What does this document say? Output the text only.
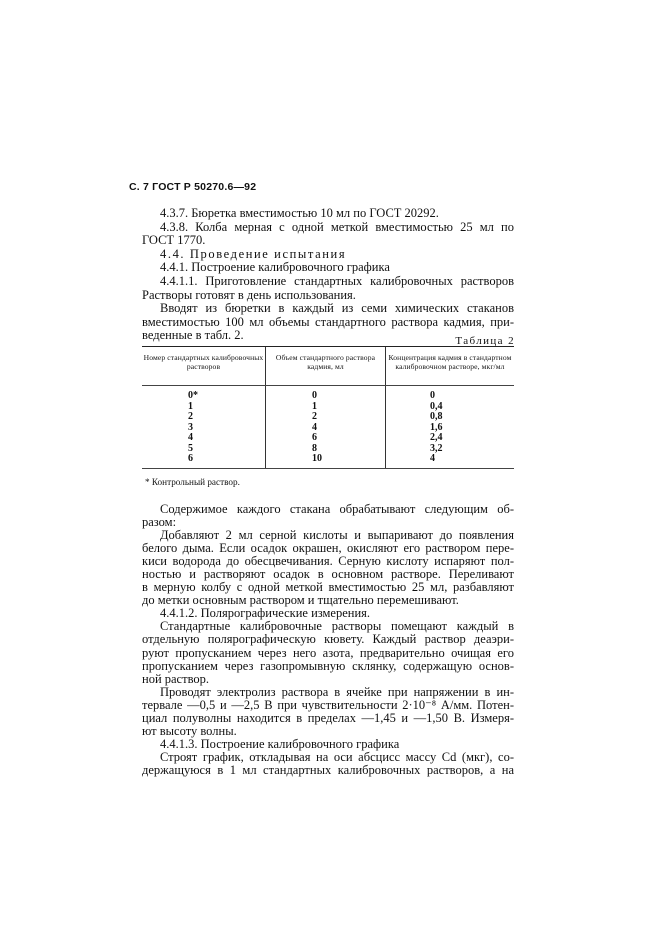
С. 7 ГОСТ Р 50270.6—92
4.3.7. Бюретка вместимостью 10 мл по ГОСТ 20292.
4.3.8. Колба мерная с одной меткой вместимостью 25 мл по
ГОСТ 1770.
4.4. Проведение испытания
4.4.1. Построение калибровочного графика
4.4.1.1. Приготовление стандартных калибровочных растворов
Растворы готовят в день использования.
Вводят из бюретки в каждый из семи химических стаканов
вместимостью 100 мл объемы стандартного раствора кадмия, при-
веденные в табл. 2.	Таблица 2
Номер стандартных калибровочных растворов
Объем стандартного раствора кадмия, мл
Концентрация кадмия в стандартном калибровочном растворе, мкг/мл
0*
1
2
3
4
5
6
0
1
2
4
6
8
10
0
0,4
0,8
1,6
2,4
3,2
4
* Контрольный раствор.
Содержимое каждого стакана обрабатывают следующим об-
разом:
Добавляют 2 мл серной кислоты и выпаривают до появления
белого дыма. Если осадок окрашен, окисляют его раствором пере-
киси водорода до обесцвечивания. Серную кислоту испаряют пол-
ностью и растворяют осадок в основном растворе. Переливают
в мерную колбу с одной меткой вместимостью 25 мл, разбавляют
до метки основным раствором и тщательно перемешивают.
4.4.1.2. Полярографические измерения.
Стандартные калибровочные растворы помещают каждый в
отдельную полярографическую кювету. Каждый раствор деаэри-
руют пропусканием через него азота, предварительно очищая его
пропусканием через газопромывную склянку, содержащую основ-
ной раствор.
Проводят электролиз раствора в ячейке при напряжении в ин-
тервале —0,5 и —2,5 В при чувствительности 2·10⁻⁸ А/мм. Потен-
циал полуволны находится в пределах —1,45 и —1,50 В. Измеря-
ют высоту волны.
4.4.1.3. Построение калибровочного графика
Строят график, откладывая на оси абсцисс массу Cd (мкг), со-
держащуюся в 1 мл стандартных калибровочных растворов, а на
